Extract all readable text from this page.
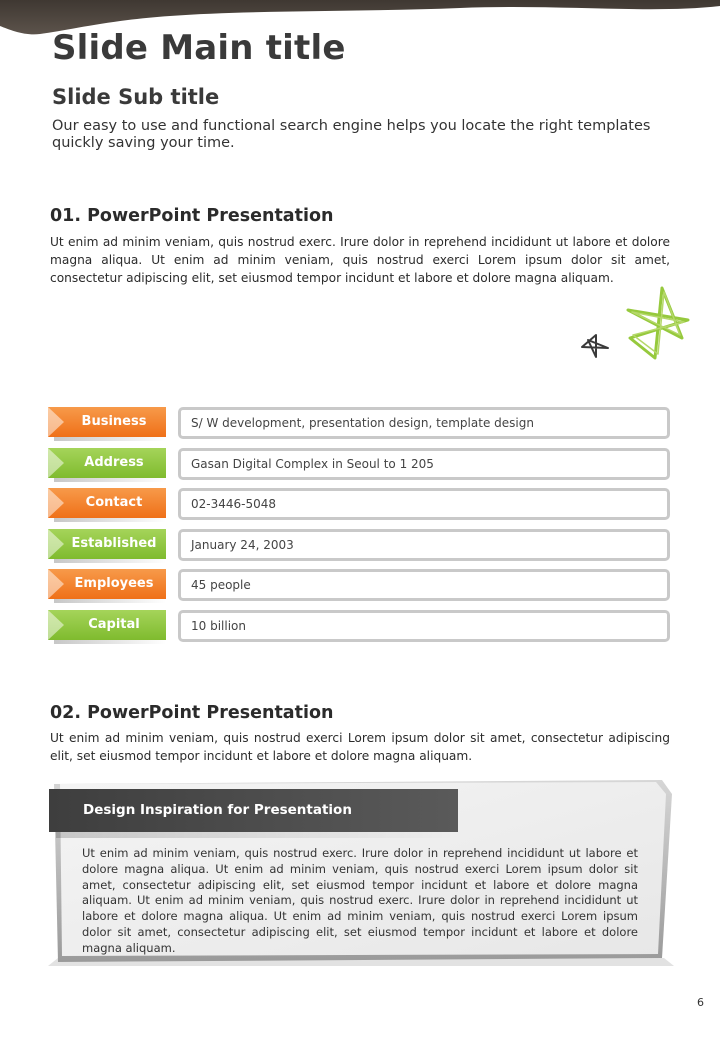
Slide Main title
Slide Sub title
Our easy to use and functional search engine helps you locate the right templates quickly saving your time.
01. PowerPoint Presentation
Ut enim ad minim veniam, quis nostrud exerc. Irure dolor in reprehend incididunt ut labore et dolore magna aliqua. Ut enim ad minim veniam, quis nostrud exerci Lorem ipsum dolor sit amet, consectetur adipiscing elit, set eiusmod tempor incidunt et labore et dolore magna aliquam.
Business	S/ W development, presentation design, template design
Address	Gasan Digital Complex in Seoul to 1 205
Contact	02-3446-5048
Established	January 24, 2003
Employees	45 people
Capital	10 billion
02. PowerPoint Presentation
Ut enim ad minim veniam, quis nostrud exerci Lorem ipsum dolor sit amet, consectetur adipiscing elit, set eiusmod tempor incidunt et labore et dolore magna aliquam.
Design Inspiration for Presentation
Ut enim ad minim veniam, quis nostrud exerc. Irure dolor in reprehend incididunt ut labore et dolore magna aliqua. Ut enim ad minim veniam, quis nostrud exerci Lorem ipsum dolor sit amet, consectetur adipiscing elit, set eiusmod tempor incidunt et labore et dolore magna aliquam. Ut enim ad minim veniam, quis nostrud exerc. Irure dolor in reprehend incididunt ut labore et dolore magna aliqua. Ut enim ad minim veniam, quis nostrud exerci Lorem ipsum dolor sit amet, consectetur adipiscing elit, set eiusmod tempor incidunt et labore et dolore magna aliquam.
6
